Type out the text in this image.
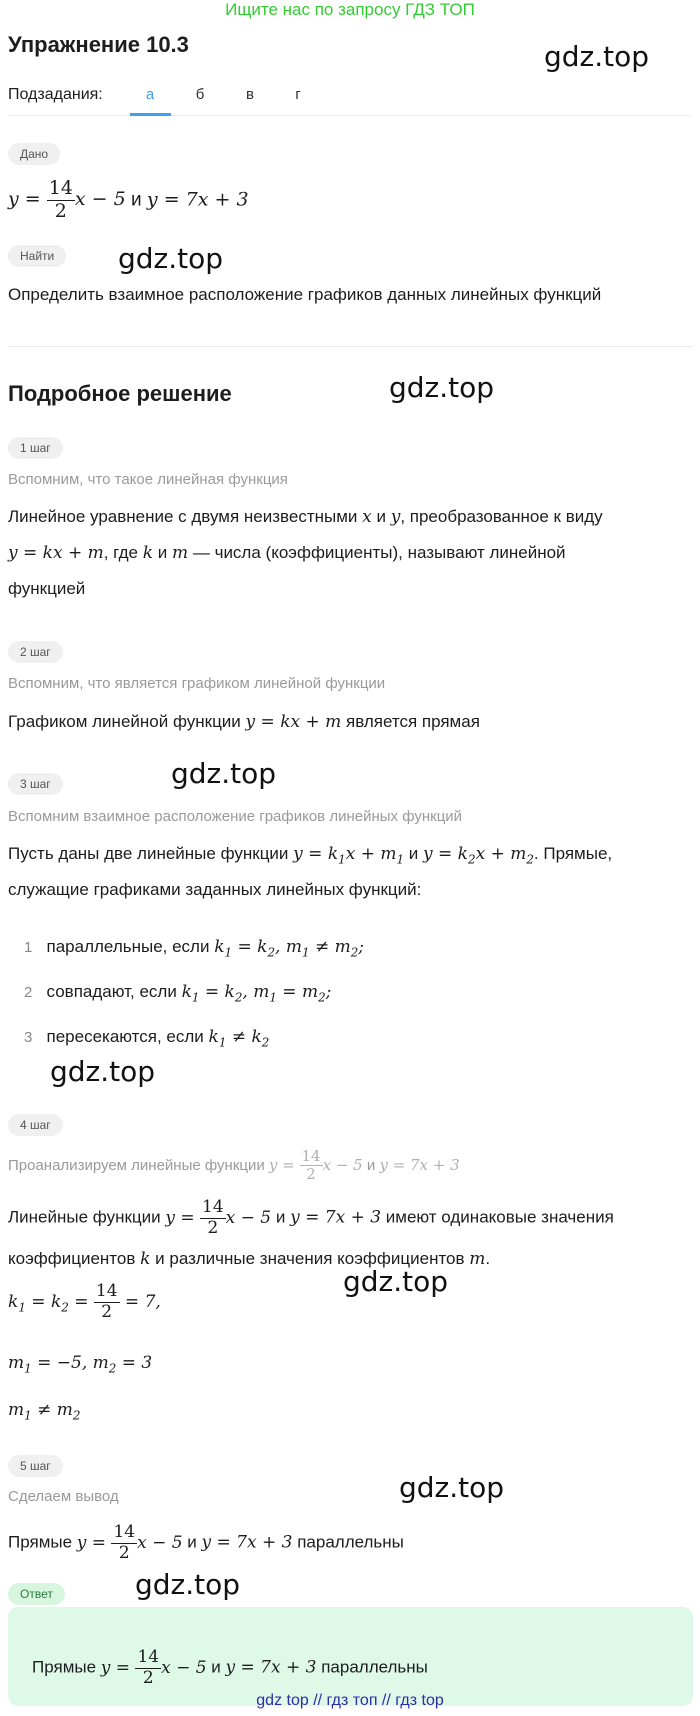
Ищите нас по запросу ГДЗ ТОП
Упражнение 10.3	gdz.top
Подзадания:	а	б	в	г
Дано
$y = \frac{14}{2}$ x − 5 и y = 7x + 3
Найти	gdz.top
Определить взаимное расположение графиков данных линейных функций
Подробное решение	gdz.top
1 шаг
Вспомним, что такое линейная функция
Линейное уравнение с двумя неизвестными x и y, преобразованное к виду
y = kx + m, где k и m — числа (коэффициенты), называют линейной
функцией
2 шаг
Вспомним, что является графиком линейной функции
Графиком линейной функции y = kx + m является прямая
3 шаг	gdz.top
Вспомним взаимное расположение графиков линейных функций
Пусть даны две линейные функции $y = k_1x + m_1$ и $y = k_2x + m_2$. Прямые,
служащие графиками заданных линейных функций:
1 параллельные, если $k_1 = k_2$, $m_1 \ne m_2$;
2 совпадают, если $k_1 = k_2$, $m_1 = m_2$;
3 пересекаются, если $k_1 \ne k_2$
gdz.top
4 шаг
Проанализируем линейные функции $y = \frac{14}{2}$ x − 5 и y = 7x + 3
Линейные функции $y = \frac{14}{2}$ x − 5 и y = 7x + 3 имеют одинаковые значения
коэффициентов k и различные значения коэффициентов m.
gdz.top
$k_1 = k_2 = \frac{14}{2} = 7$,
$m_1 = -5$, $m_2 = 3$
$m_1 \ne m_2$
5 шаг
gdz.top
Сделаем вывод
Прямые $y = \frac{14}{2}$ x − 5 и y = 7x + 3 параллельны
Ответ	gdz.top
Прямые $y = \frac{14}{2}$ x − 5 и y = 7x + 3 параллельны
gdz top // гдз топ // гдз top
